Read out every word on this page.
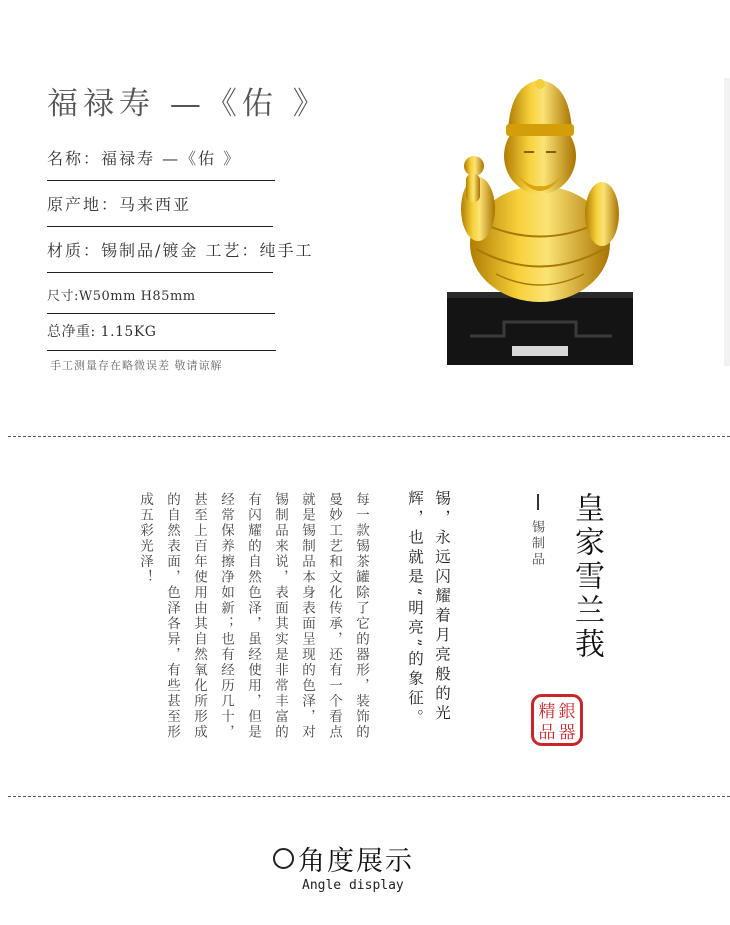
福禄寿 —《佑 》
名称：福禄寿 —《佑 》
原产地：马来西亚
材质：锡制品/镀金 工艺：纯手工
尺寸:W50mm H85mm
总净重: 1.15KG
手工测量存在略微误差 敬请谅解
每一款锡茶罐除了它的器形，装饰的
曼妙工艺和文化传承，还有一个看点
就是锡制品本身表面呈现的色泽，对
锡制品来说，表面其实是非常丰富的
有闪耀的自然色泽，虽经使用，但是
经常保养擦净如新；也有经历几十，
甚至上百年使用由其自然氧化所形成
的自然表面，色泽各异，有些甚至形
成五彩光泽！	锡，永远闪耀着月亮般的光
辉，也就是“明亮”的象征。	皇家雪兰莪
锡制品
銀
精
器
品
角度展示
Angle display
